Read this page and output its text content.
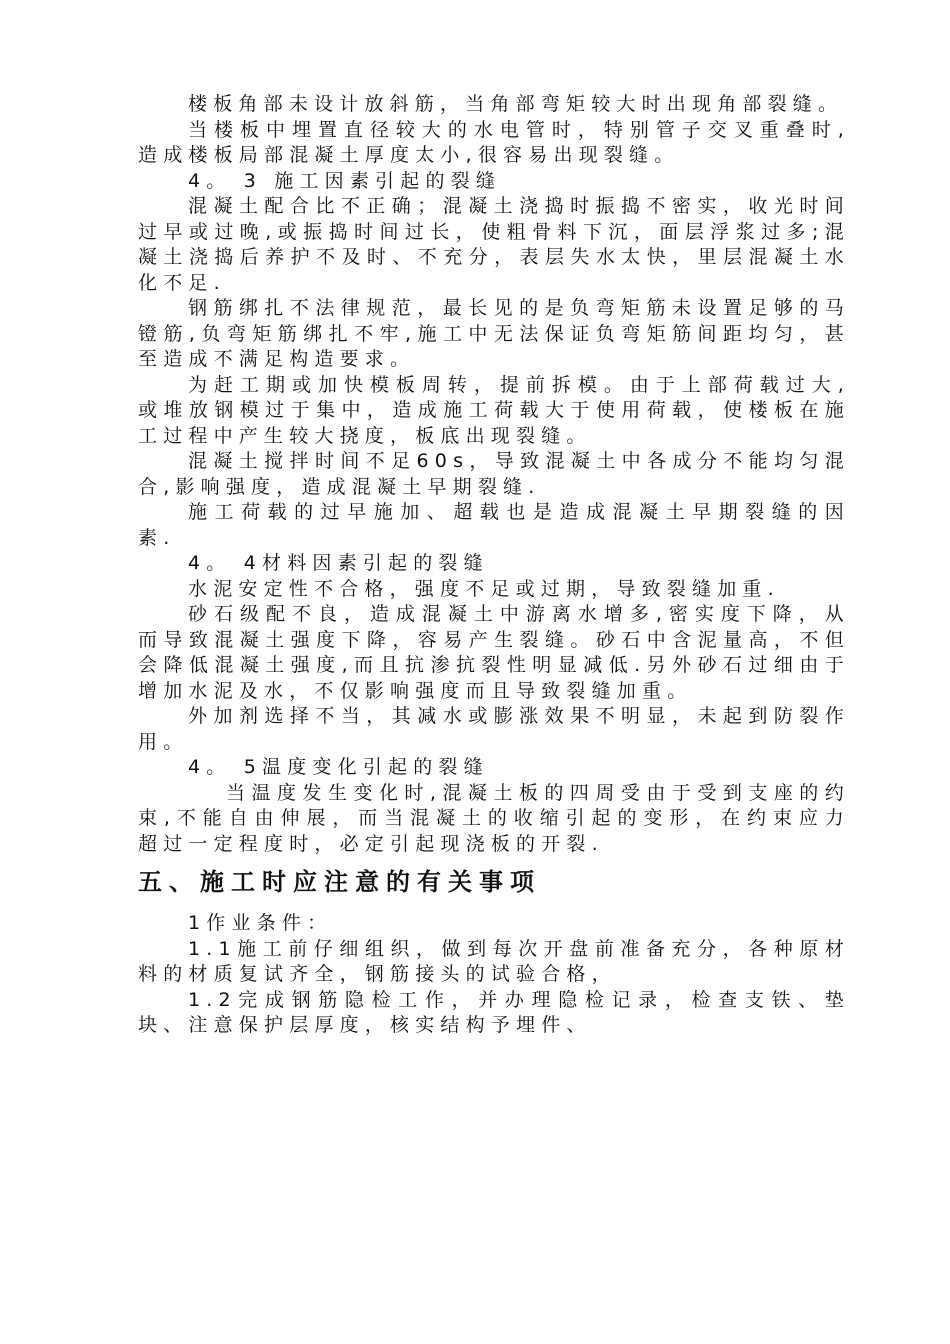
楼板角部未设计放斜筋，当角部弯矩较大时出现角部裂缝。

当楼板中埋置直径较大的水电管时，特别管子交叉重叠时,造成楼板局部混凝土厚度太小,很容易出现裂缝。

4。 3 施工因素引起的裂缝

混凝土配合比不正确；混凝土浇捣时振捣不密实，收光时间过早或过晚,或振捣时间过长，使粗骨料下沉，面层浮浆过多;混凝土浇捣后养护不及时、不充分，表层失水太快，里层混凝土水化不足.

钢筋绑扎不法律规范，最长见的是负弯矩筋未设置足够的马镫筋,负弯矩筋绑扎不牢,施工中无法保证负弯矩筋间距均匀，甚至造成不满足构造要求。

为赶工期或加快模板周转，提前拆模。由于上部荷载过大,或堆放钢模过于集中，造成施工荷载大于使用荷载，使楼板在施工过程中产生较大挠度，板底出现裂缝。

混凝土搅拌时间不足60s，导致混凝土中各成分不能均匀混合,影响强度，造成混凝土早期裂缝.

施工荷载的过早施加、超载也是造成混凝土早期裂缝的因素.

4。 4材料因素引起的裂缝

水泥安定性不合格，强度不足或过期，导致裂缝加重.

砂石级配不良，造成混凝土中游离水增多,密实度下降，从而导致混凝土强度下降，容易产生裂缝。砂石中含泥量高，不但会降低混凝土强度,而且抗渗抗裂性明显减低.另外砂石过细由于增加水泥及水，不仅影响强度而且导致裂缝加重。

外加剂选择不当，其减水或膨涨效果不明显，未起到防裂作用。

4。 5温度变化引起的裂缝

当温度发生变化时,混凝土板的四周受由于受到支座的约束,不能自由伸展，而当混凝土的收缩引起的变形，在约束应力超过一定程度时，必定引起现浇板的开裂.

五、施工时应注意的有关事项

1作业条件：

1.1施工前仔细组织，做到每次开盘前准备充分，各种原材料的材质复试齐全，钢筋接头的试验合格，

1.2完成钢筋隐检工作，并办理隐检记录，检查支铁、垫块、注意保护层厚度，核实结构予埋件、
